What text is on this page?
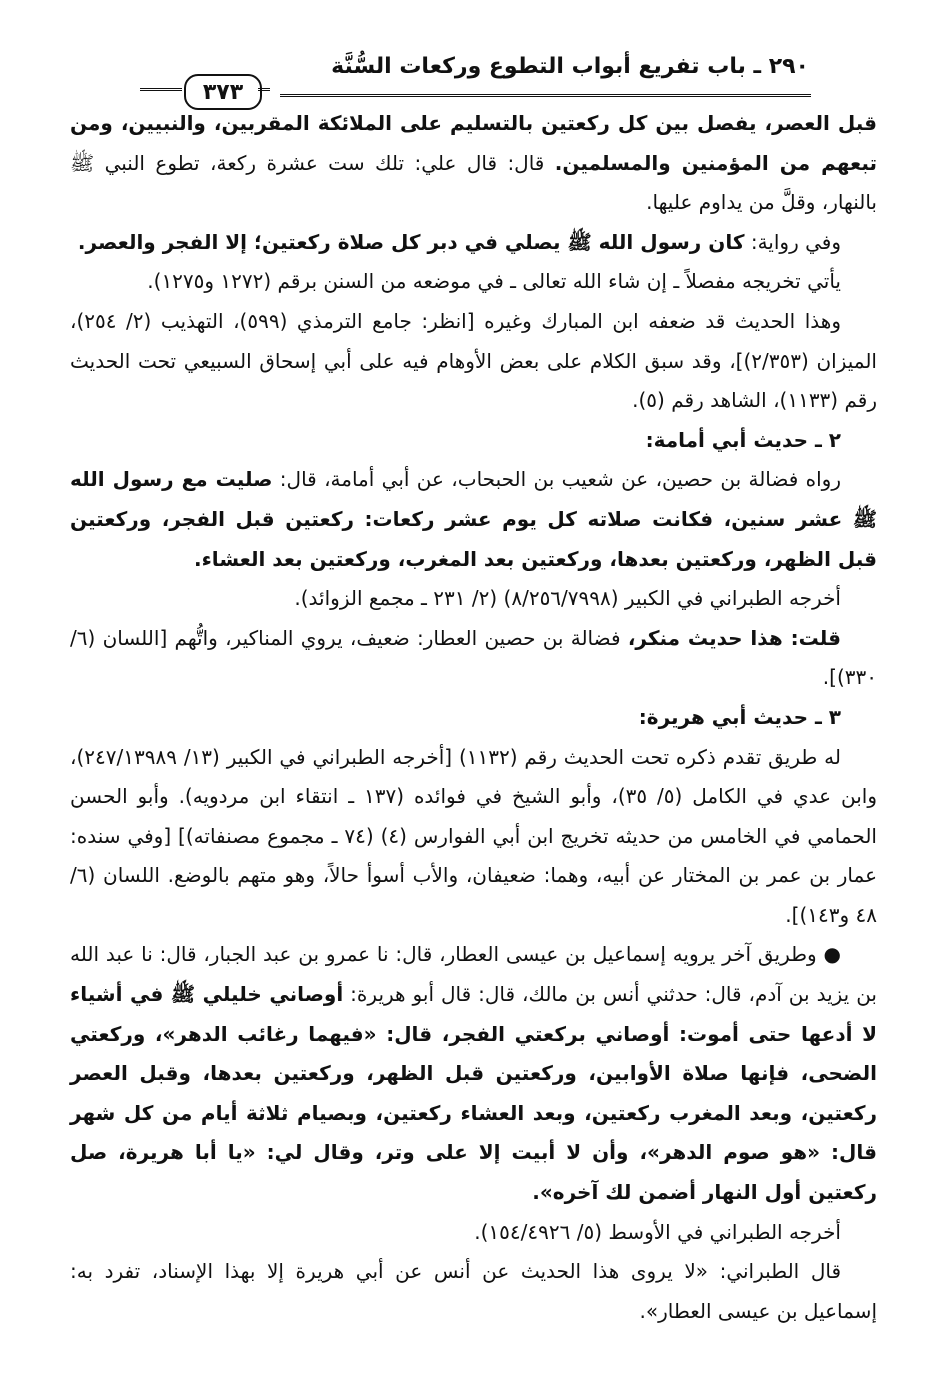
٢٩٠ ـ باب تفريع أبواب التطوع وركعات السُّنَّة
٣٧٣

قبل العصر، يفصل بين كل ركعتين بالتسليم على الملائكة المقربين، والنبيين، ومن تبعهم من المؤمنين والمسلمين. قال: قال علي: تلك ست عشرة ركعة، تطوع النبي ﷺ بالنهار، وقلَّ من يداوم عليها.

وفي رواية: كان رسول الله ﷺ يصلي في دبر كل صلاة ركعتين؛ إلا الفجر والعصر.

يأتي تخريجه مفصلاً ـ إن شاء الله تعالى ـ في موضعه من السنن برقم (١٢٧٢ و١٢٧٥).

وهذا الحديث قد ضعفه ابن المبارك وغيره [انظر: جامع الترمذي (٥٩٩)، التهذيب (٢/ ٢٥٤)، الميزان (٢/٣٥٣)]، وقد سبق الكلام على بعض الأوهام فيه على أبي إسحاق السبيعي تحت الحديث رقم (١١٣٣)، الشاهد رقم (٥).

٢ ـ حديث أبي أمامة:

رواه فضالة بن حصين، عن شعيب بن الحبحاب، عن أبي أمامة، قال: صليت مع رسول الله ﷺ عشر سنين، فكانت صلاته كل يوم عشر ركعات: ركعتين قبل الفجر، وركعتين قبل الظهر، وركعتين بعدها، وركعتين بعد المغرب، وركعتين بعد العشاء.

أخرجه الطبراني في الكبير (٨/٢٥٦/٧٩٩٨) (٢/ ٢٣١ ـ مجمع الزوائد).

قلت: هذا حديث منكر، فضالة بن حصين العطار: ضعيف، يروي المناكير، واتُّهم [اللسان (٦/ ٣٣٠)].

٣ ـ حديث أبي هريرة:

له طريق تقدم ذكره تحت الحديث رقم (١١٣٢) [أخرجه الطبراني في الكبير (١٣/ ٢٤٧/١٣٩٨٩)، وابن عدي في الكامل (٥/ ٣٥)، وأبو الشيخ في فوائده (١٣٧ ـ انتقاء ابن مردويه). وأبو الحسن الحمامي في الخامس من حديثه تخريج ابن أبي الفوارس (٤) (٧٤ ـ مجموع مصنفاته)] [وفي سنده: عمار بن عمر بن المختار عن أبيه، وهما: ضعيفان، والأب أسوأ حالاً، وهو متهم بالوضع. اللسان (٦/ ٤٨ و١٤٣)].

● وطريق آخر يرويه إسماعيل بن عيسى العطار، قال: نا عمرو بن عبد الجبار، قال: نا عبد الله بن يزيد بن آدم، قال: حدثني أنس بن مالك، قال: قال أبو هريرة: أوصاني خليلي ﷺ في أشياء لا أدعها حتى أموت: أوصاني بركعتي الفجر، قال: «فيهما رغائب الدهر»، وركعتي الضحى، فإنها صلاة الأوابين، وركعتين قبل الظهر، وركعتين بعدها، وقبل العصر ركعتين، وبعد المغرب ركعتين، وبعد العشاء ركعتين، وبصيام ثلاثة أيام من كل شهر قال: «هو صوم الدهر»، وأن لا أبيت إلا على وتر، وقال لي: «يا أبا هريرة، صل ركعتين أول النهار أضمن لك آخره».

أخرجه الطبراني في الأوسط (٥/ ١٥٤/٤٩٢٦).

قال الطبراني: «لا يروى هذا الحديث عن أنس عن أبي هريرة إلا بهذا الإسناد، تفرد به: إسماعيل بن عيسى العطار».
